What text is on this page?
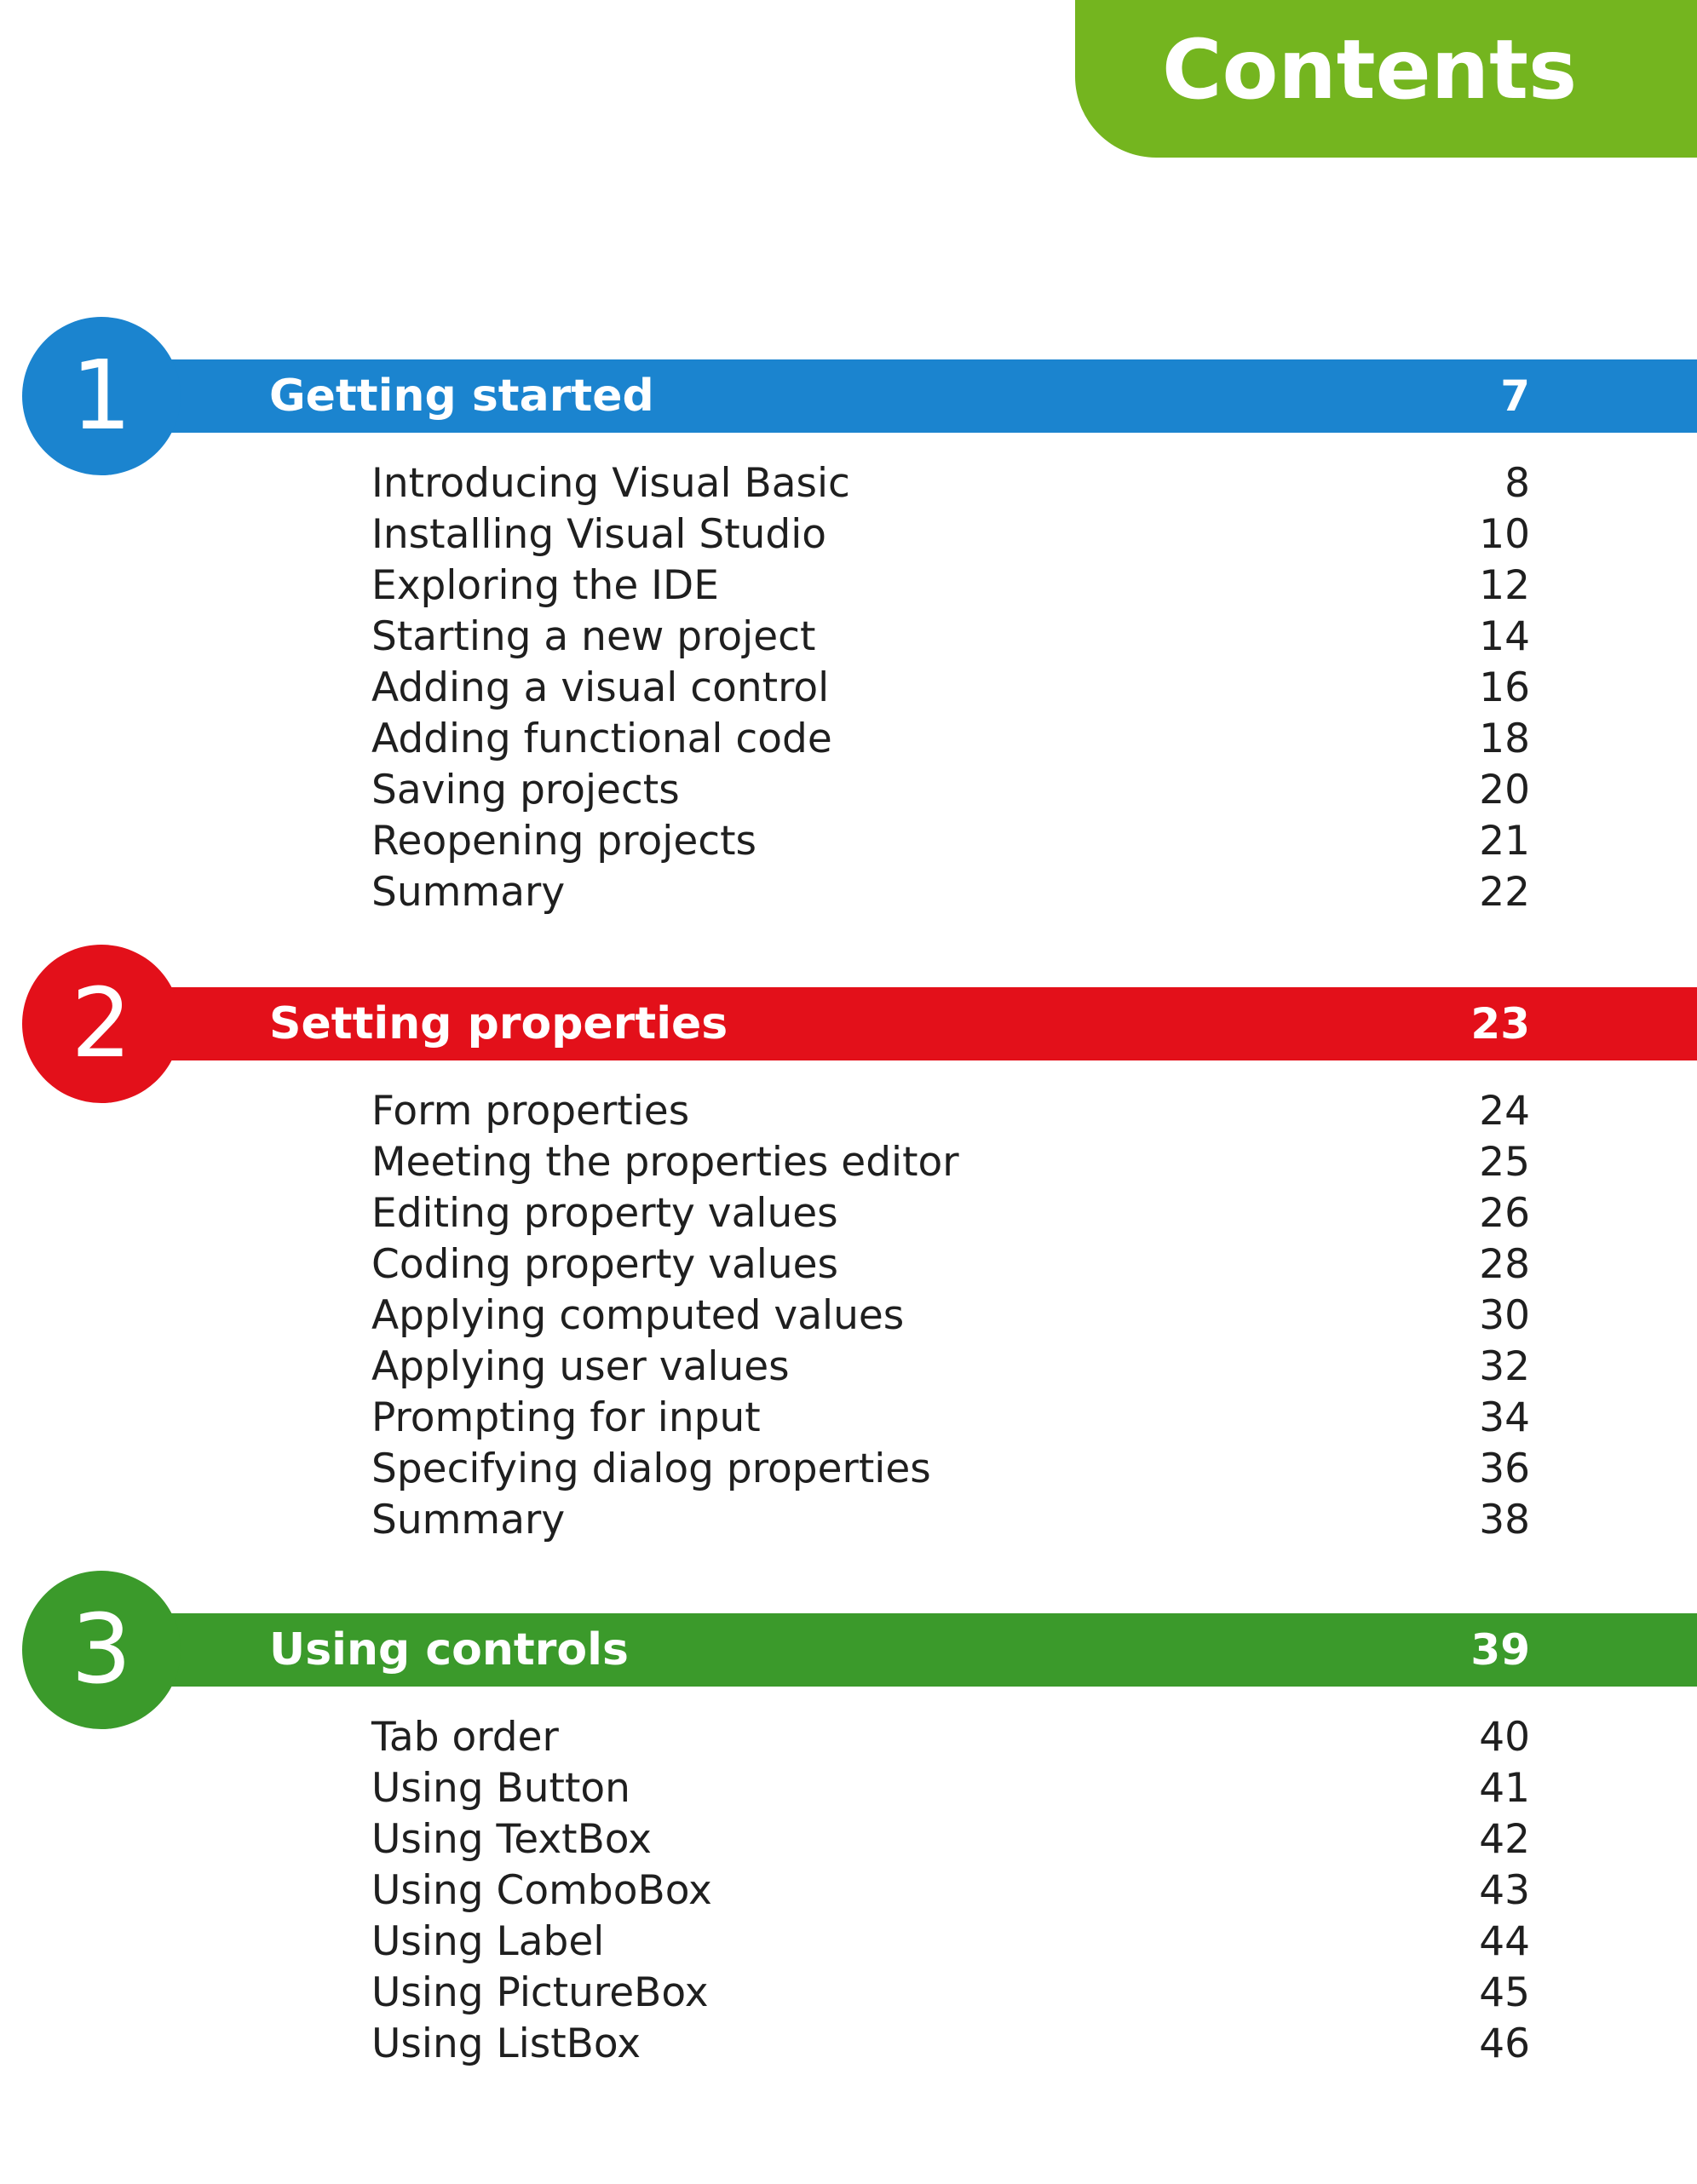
Contents
1	Getting started	7
Introducing Visual Basic	8
Installing Visual Studio	10
Exploring the IDE	12
Starting a new project	14
Adding a visual control	16
Adding functional code	18
Saving projects	20
Reopening projects	21
Summary	22
2	Setting properties	23
Form properties	24
Meeting the properties editor	25
Editing property values	26
Coding property values	28
Applying computed values	30
Applying user values	32
Prompting for input	34
Specifying dialog properties	36
Summary	38
3	Using controls	39
Tab order	40
Using Button	41
Using TextBox	42
Using ComboBox	43
Using Label	44
Using PictureBox	45
Using ListBox	46
